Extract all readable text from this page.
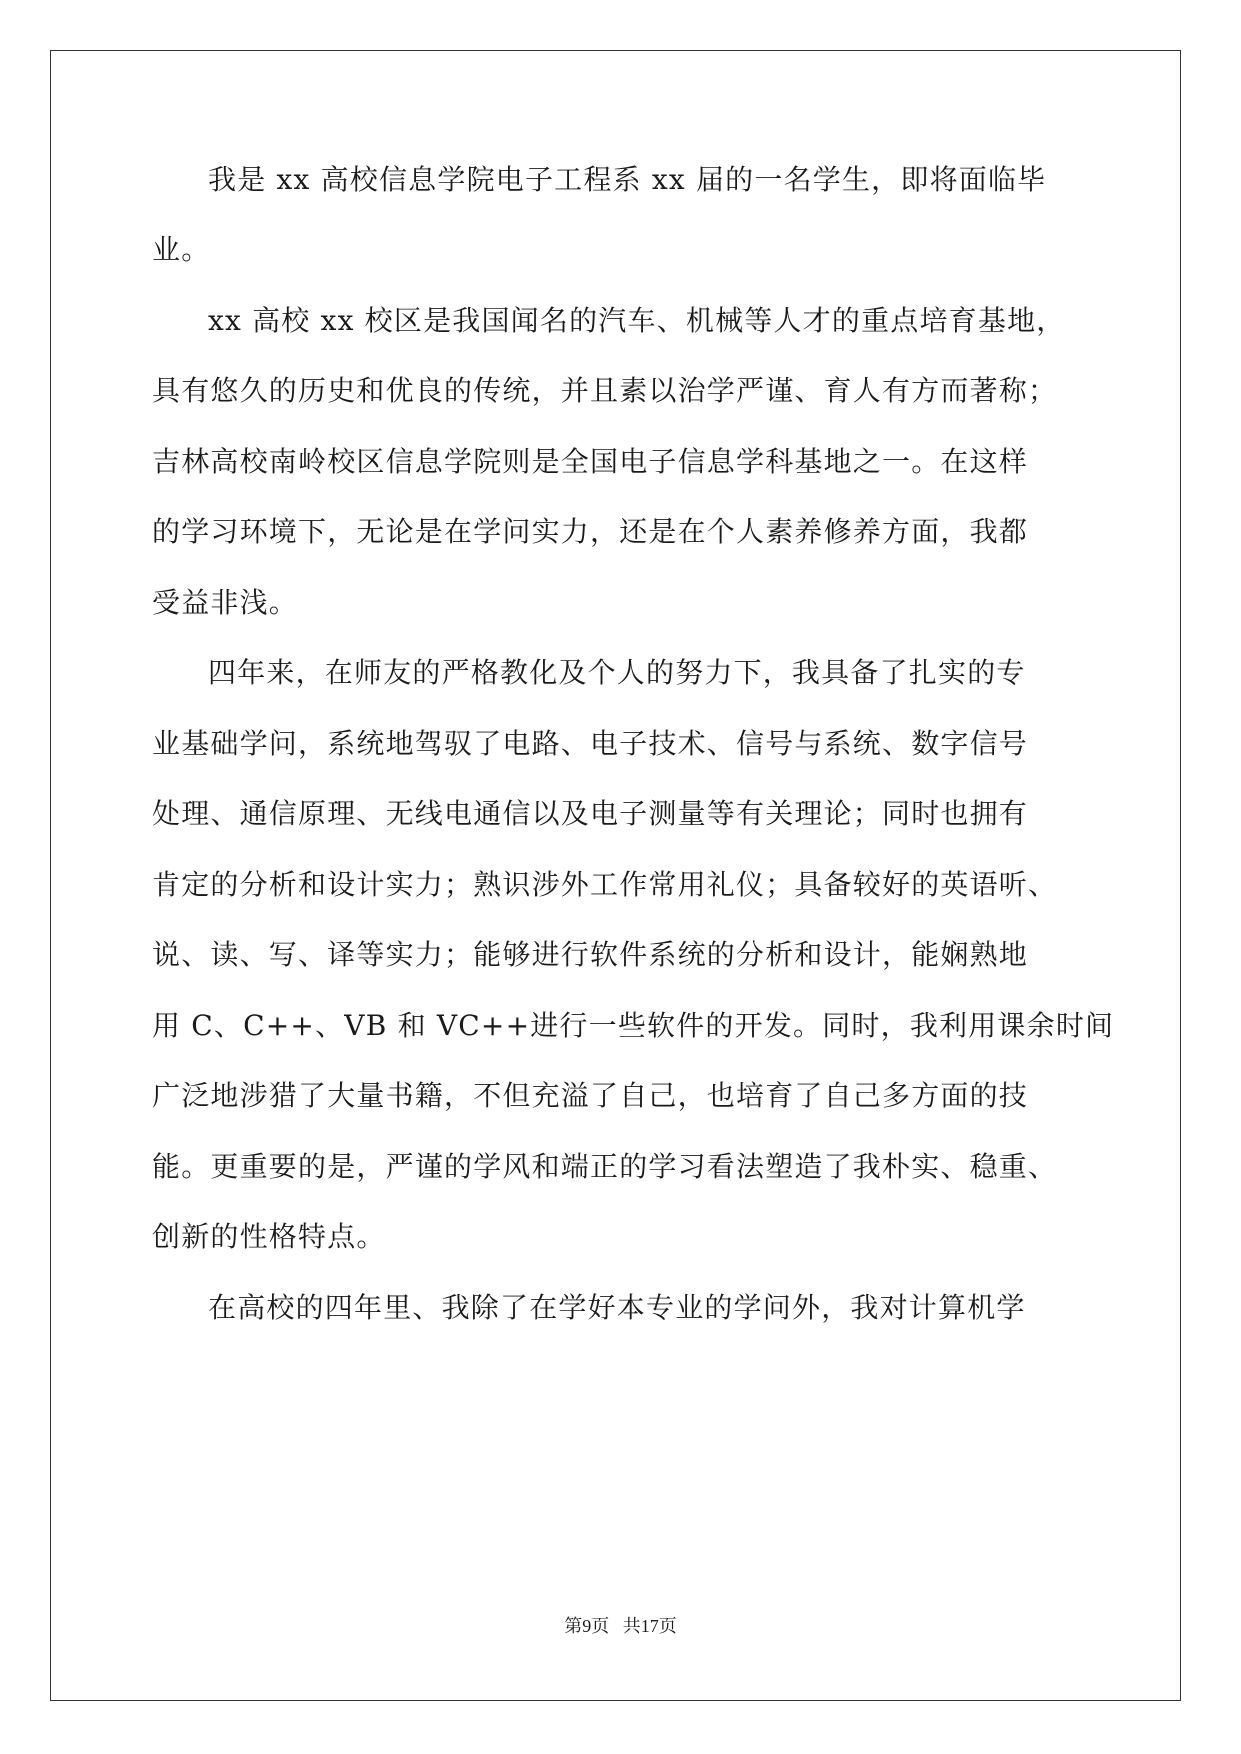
我是 xx 高校信息学院电子工程系 xx 届的一名学生，即将面临毕
业。
xx 高校 xx 校区是我国闻名的汽车、机械等人才的重点培育基地，
具有悠久的历史和优良的传统，并且素以治学严谨、育人有方而著称；
吉林高校南岭校区信息学院则是全国电子信息学科基地之一。在这样
的学习环境下，无论是在学问实力，还是在个人素养修养方面，我都
受益非浅。
四年来，在师友的严格教化及个人的努力下，我具备了扎实的专
业基础学问，系统地驾驭了电路、电子技术、信号与系统、数字信号
处理、通信原理、无线电通信以及电子测量等有关理论；同时也拥有
肯定的分析和设计实力；熟识涉外工作常用礼仪；具备较好的英语听、
说、读、写、译等实力；能够进行软件系统的分析和设计，能娴熟地
用 C、C++、VB 和 VC++进行一些软件的开发。同时，我利用课余时间
广泛地涉猎了大量书籍，不但充溢了自己，也培育了自己多方面的技
能。更重要的是，严谨的学风和端正的学习看法塑造了我朴实、稳重、
创新的性格特点。
在高校的四年里、我除了在学好本专业的学问外，我对计算机学
第9页   共17页
